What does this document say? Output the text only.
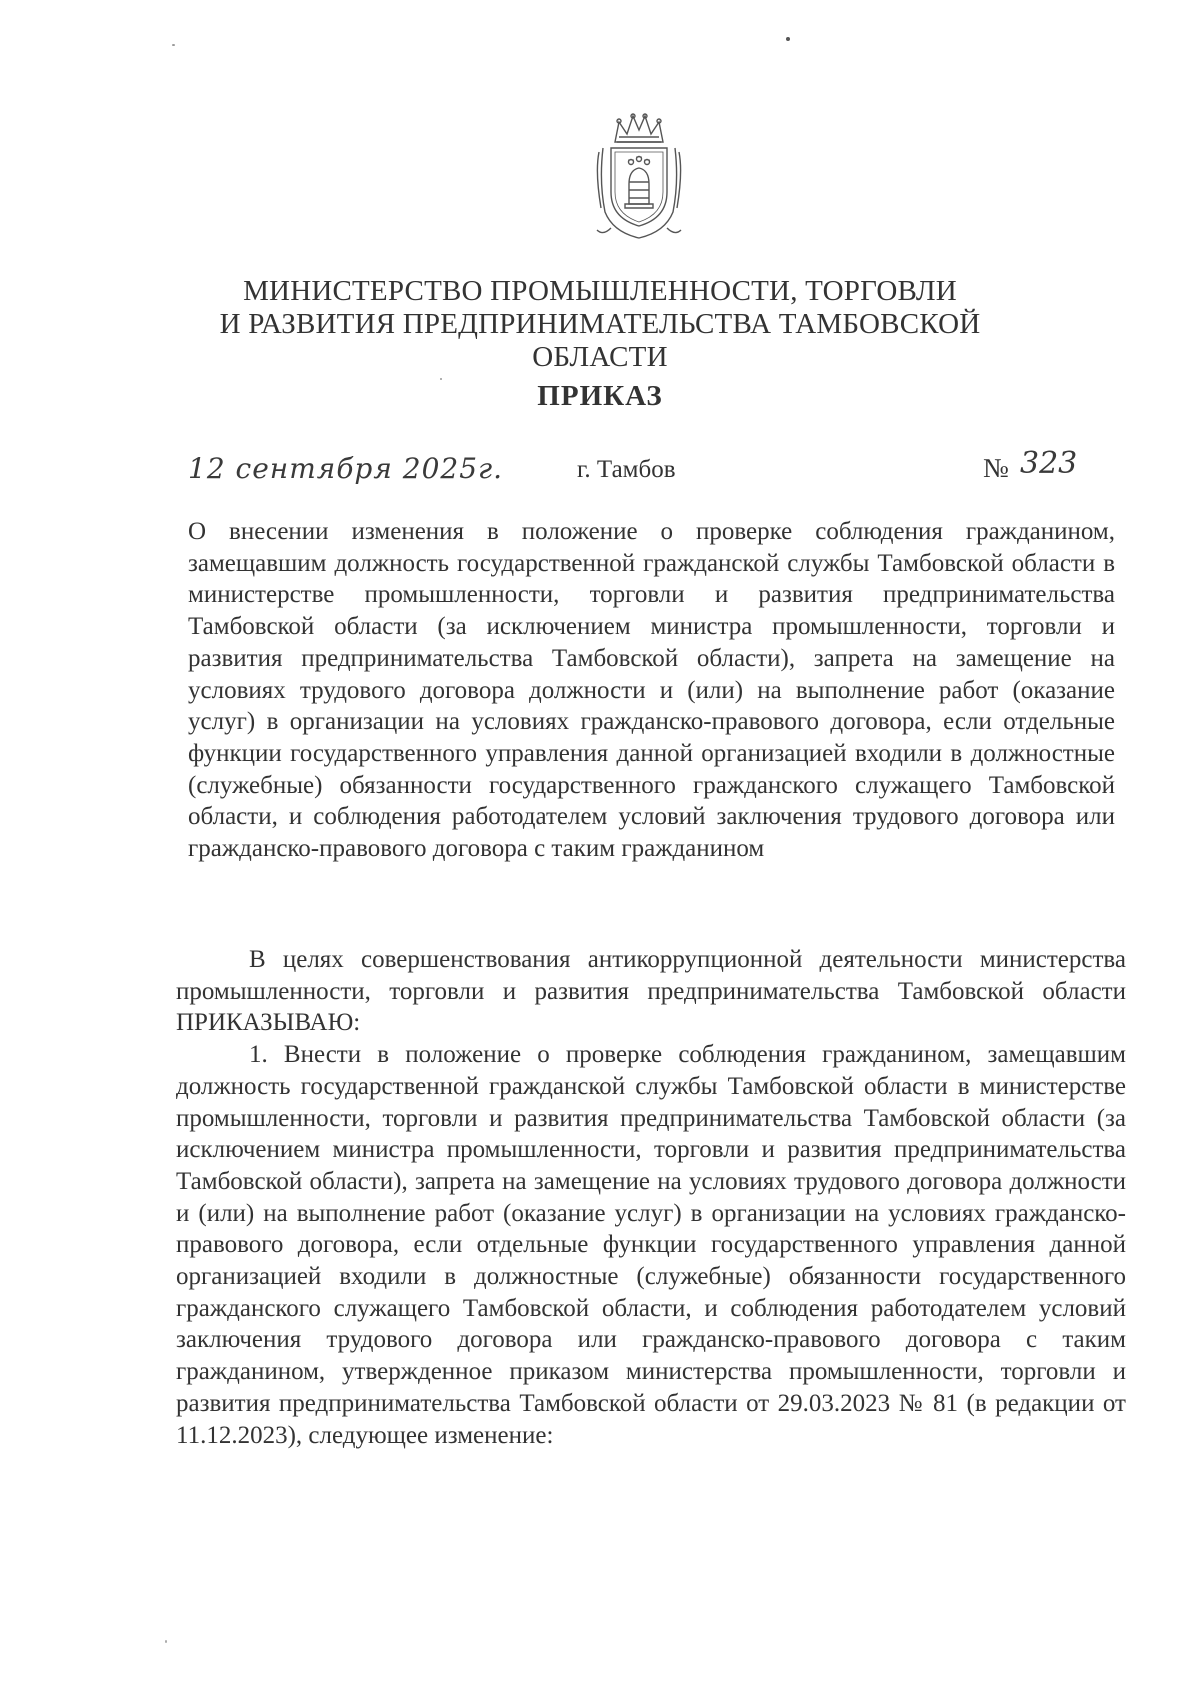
МИНИСТЕРСТВО ПРОМЫШЛЕННОСТИ, ТОРГОВЛИ
И РАЗВИТИЯ ПРЕДПРИНИМАТЕЛЬСТВА ТАМБОВСКОЙ ОБЛАСТИ
ПРИКАЗ
12 сентября 2025г.	г. Тамбов	№ 323
О внесении изменения в положение о проверке соблюдения гражданином, замещавшим должность государственной гражданской службы Тамбовской области в министерстве промышленности, торговли и развития предпринимательства Тамбовской области (за исключением министра промышленности, торговли и развития предпринимательства Тамбовской области), запрета на замещение на условиях трудового договора должности и (или) на выполнение работ (оказание услуг) в организации на условиях гражданско-правового договора, если отдельные функции государственного управления данной организацией входили в должностные (служебные) обязанности государственного гражданского служащего Тамбовской области, и соблюдения работодателем условий заключения трудового договора или гражданско-правового договора с таким гражданином

В целях совершенствования антикоррупционной деятельности министерства промышленности, торговли и развития предпринимательства Тамбовской области ПРИКАЗЫВАЮ:

1. Внести в положение о проверке соблюдения гражданином, замещавшим должность государственной гражданской службы Тамбовской области в министерстве промышленности, торговли и развития предпринимательства Тамбовской области (за исключением министра промышленности, торговли и развития предпринимательства Тамбовской области), запрета на замещение на условиях трудового договора должности и (или) на выполнение работ (оказание услуг) в организации на условиях гражданско-правового договора, если отдельные функции государственного управления данной организацией входили в должностные (служебные) обязанности государственного гражданского служащего Тамбовской области, и соблюдения работодателем условий заключения трудового договора или гражданско-правового договора с таким гражданином, утвержденное приказом министерства промышленности, торговли и развития предпринимательства Тамбовской области от 29.03.2023 № 81 (в редакции от 11.12.2023), следующее изменение:
